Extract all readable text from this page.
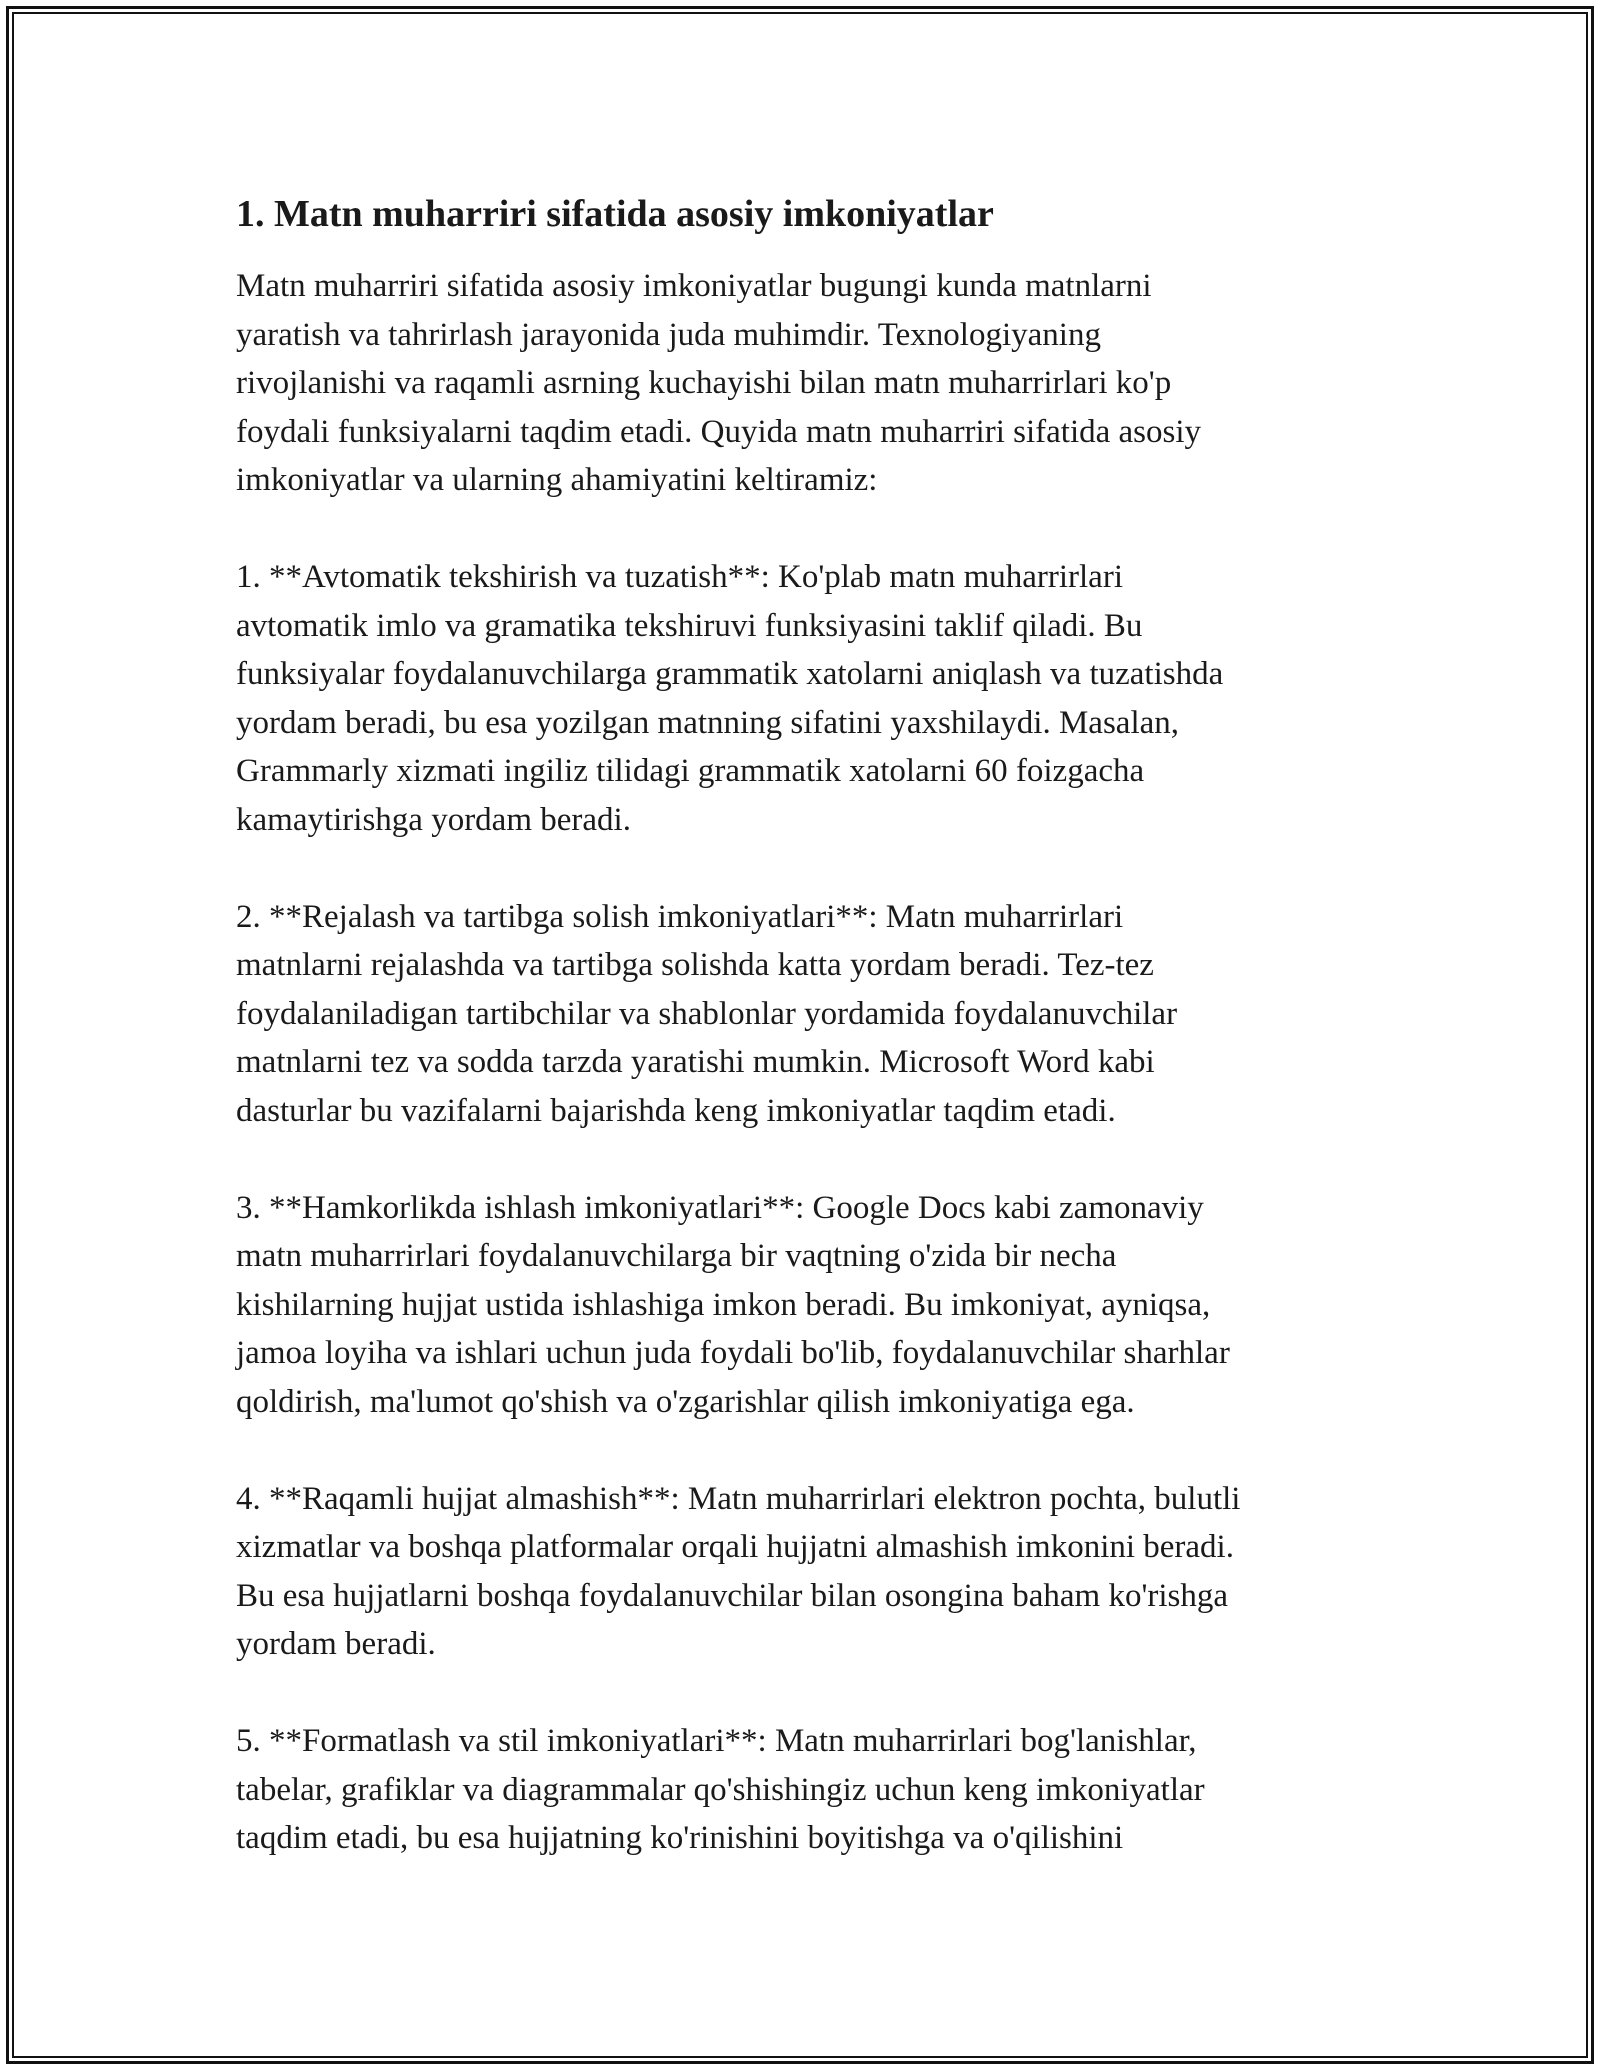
1. Matn muharriri sifatida asosiy imkoniyatlar
Matn muharriri sifatida asosiy imkoniyatlar bugungi kunda matnlarni
yaratish va tahrirlash jarayonida juda muhimdir. Texnologiyaning
rivojlanishi va raqamli asrning kuchayishi bilan matn muharrirlari ko'p
foydali funksiyalarni taqdim etadi. Quyida matn muharriri sifatida asosiy
imkoniyatlar va ularning ahamiyatini keltiramiz:
1. **Avtomatik tekshirish va tuzatish**: Ko'plab matn muharrirlari
avtomatik imlo va gramatika tekshiruvi funksiyasini taklif qiladi. Bu
funksiyalar foydalanuvchilarga grammatik xatolarni aniqlash va tuzatishda
yordam beradi, bu esa yozilgan matnning sifatini yaxshilaydi. Masalan,
Grammarly xizmati ingiliz tilidagi grammatik xatolarni 60 foizgacha
kamaytirishga yordam beradi.
2. **Rejalash va tartibga solish imkoniyatlari**: Matn muharrirlari
matnlarni rejalashda va tartibga solishda katta yordam beradi. Tez-tez
foydalaniladigan tartibchilar va shablonlar yordamida foydalanuvchilar
matnlarni tez va sodda tarzda yaratishi mumkin. Microsoft Word kabi
dasturlar bu vazifalarni bajarishda keng imkoniyatlar taqdim etadi.
3. **Hamkorlikda ishlash imkoniyatlari**: Google Docs kabi zamonaviy
matn muharrirlari foydalanuvchilarga bir vaqtning o'zida bir necha
kishilarning hujjat ustida ishlashiga imkon beradi. Bu imkoniyat, ayniqsa,
jamoa loyiha va ishlari uchun juda foydali bo'lib, foydalanuvchilar sharhlar
qoldirish, ma'lumot qo'shish va o'zgarishlar qilish imkoniyatiga ega.
4. **Raqamli hujjat almashish**: Matn muharrirlari elektron pochta, bulutli
xizmatlar va boshqa platformalar orqali hujjatni almashish imkonini beradi.
Bu esa hujjatlarni boshqa foydalanuvchilar bilan osongina baham ko'rishga
yordam beradi.
5. **Formatlash va stil imkoniyatlari**: Matn muharrirlari bog'lanishlar,
tabelar, grafiklar va diagrammalar qo'shishingiz uchun keng imkoniyatlar
taqdim etadi, bu esa hujjatning ko'rinishini boyitishga va o'qilishini
